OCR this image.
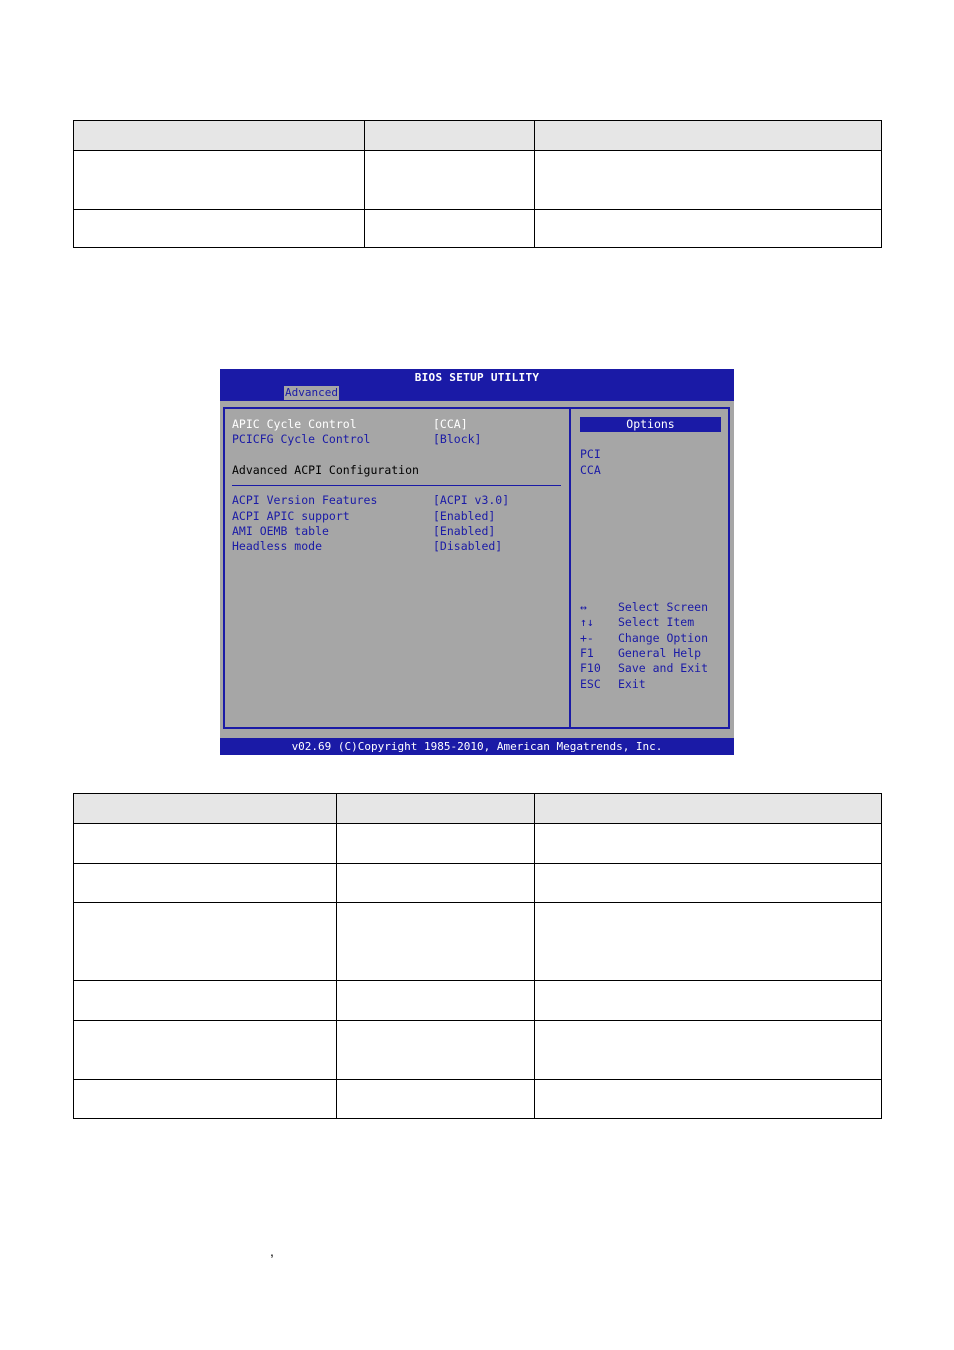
BIOS SETUP UTILITY
Advanced
APIC Cycle Control	[CCA]
PCICFG Cycle Control	[Block]
Advanced ACPI Configuration
ACPI Version Features	[ACPI v3.0]
ACPI APIC support	[Enabled]
AMI OEMB table	[Enabled]
Headless mode	[Disabled]
Options
PCI
CCA
↔	Select Screen
↑↓ Select Item
+- Change Option
F1 General Help
F10 Save and Exit
ESC Exit
v02.69 (C)Copyright 1985-2010, American Megatrends, Inc.

,
